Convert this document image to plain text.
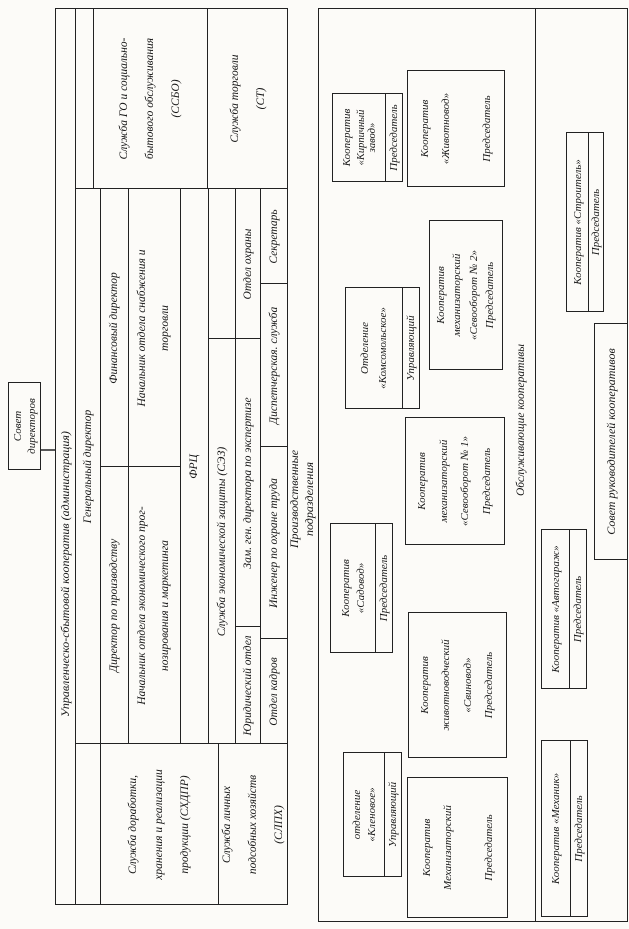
Совет директоров
Управленческо-сбытовой кооператив (администрация) Генеральный директор
Директор по производству
Финансовый директор
Начальник отдела экономического прог- нозирования и маркетинга
Начальник отдела снабжения и торговли
ФРЦ Служба экономической защиты (СЭЗ)
Юридический отдел
Зам. ген. директора по экспертизе
Отдел охраны
Отдел кадров
Инженер по охране труда
Диспетчерская. служба
Секретарь
Служба доработки,	хранения и реализации	продукции (СХДПР)	Служба личных	подсобных хозяйств	(СЛПХ)
Служба ГО и социально-	бытового обслуживания	(ССБО)	Служба торговли	(СТ)
Производственные подразделения
Отделение «Комсомольское» Управляющий
отделение «Кленовое» Управляющий
Кооператив «Кирпичный завод» Председатель
Кооператив «Садовод» Председатель
Кооператив «Животновод»	Председатель
Кооператив механизаторский «Севооборот № 2» Председатель
Кооператив механизаторский «Севооборот № 1» Председатель
Кооператив животноводческий «Свиновод» Председатель
Кооператив Механизаторский	Председатель
Обслуживающие кооперативы
Кооператив «Механик» Председатель
Кооператив «Автогараж» Председатель
Кооператив «Строитель» Председатель
Совет руководителей кооперативов
